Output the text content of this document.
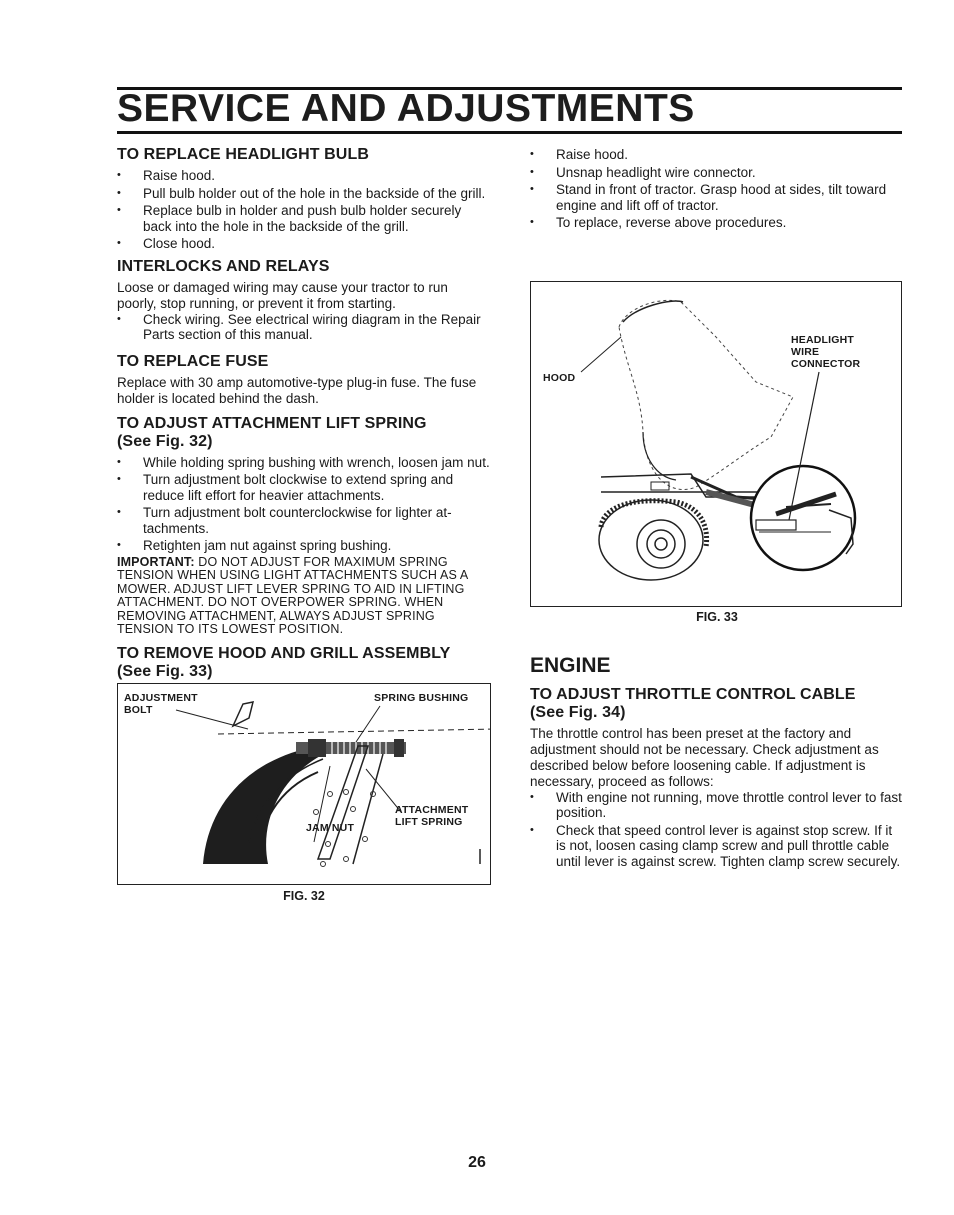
SERVICE AND ADJUSTMENTS
TO REPLACE HEADLIGHT BULB
• Raise hood.
• Pull bulb holder out of the hole in the backside of the grill.
• Replace bulb in holder and push bulb holder securely back into the hole in the backside of the grill.
• Close hood.
INTERLOCKS AND RELAYS

Loose or damaged wiring may cause your tractor to run poorly, stop running, or prevent it from starting.

• Check wiring. See electrical wiring diagram in the Repair Parts section of this manual.
TO REPLACE FUSE

Replace with 30 amp automotive-type plug-in fuse. The fuse holder is located behind the dash.

TO ADJUST ATTACHMENT LIFT SPRING
(See Fig. 32)
• While holding spring bushing with wrench, loosen jam nut.
• Turn adjustment bolt clockwise to extend spring and reduce lift effort for heavier attachments.
• Turn adjustment bolt counterclockwise for lighter at-tachments.
• Retighten jam nut against spring bushing.

IMPORTANT: DO NOT ADJUST FOR MAXIMUM SPRING TENSION WHEN USING LIGHT ATTACHMENTS SUCH AS A MOWER. ADJUST LIFT LEVER SPRING TO AID IN LIFTING ATTACHMENT. DO NOT OVERPOWER SPRING. WHEN REMOVING ATTACHMENT, ALWAYS ADJUST SPRING TENSION TO ITS LOWEST POSITION.

TO REMOVE HOOD AND GRILL ASSEMBLY
(See Fig. 33)
ADJUSTMENT
BOLT
SPRING BUSHING
ATTACHMENT
LIFT SPRING
JAM NUT
FIG. 32
• Raise hood.
• Unsnap headlight wire connector.
• Stand in front of tractor. Grasp hood at sides, tilt toward engine and lift off of tractor.
• To replace, reverse above procedures.
HOOD
HEADLIGHT
WIRE
CONNECTOR
FIG. 33
ENGINE
TO ADJUST THROTTLE CONTROL CABLE
(See Fig. 34)

The throttle control has been preset at the factory and adjustment should not be necessary. Check adjustment as described below before loosening cable. If adjustment is necessary, proceed as follows:

• With engine not running, move throttle control lever to fast position.
• Check that speed control lever is against stop screw. If it is not, loosen casing clamp screw and pull throttle cable until lever is against screw. Tighten clamp screw securely.
26
